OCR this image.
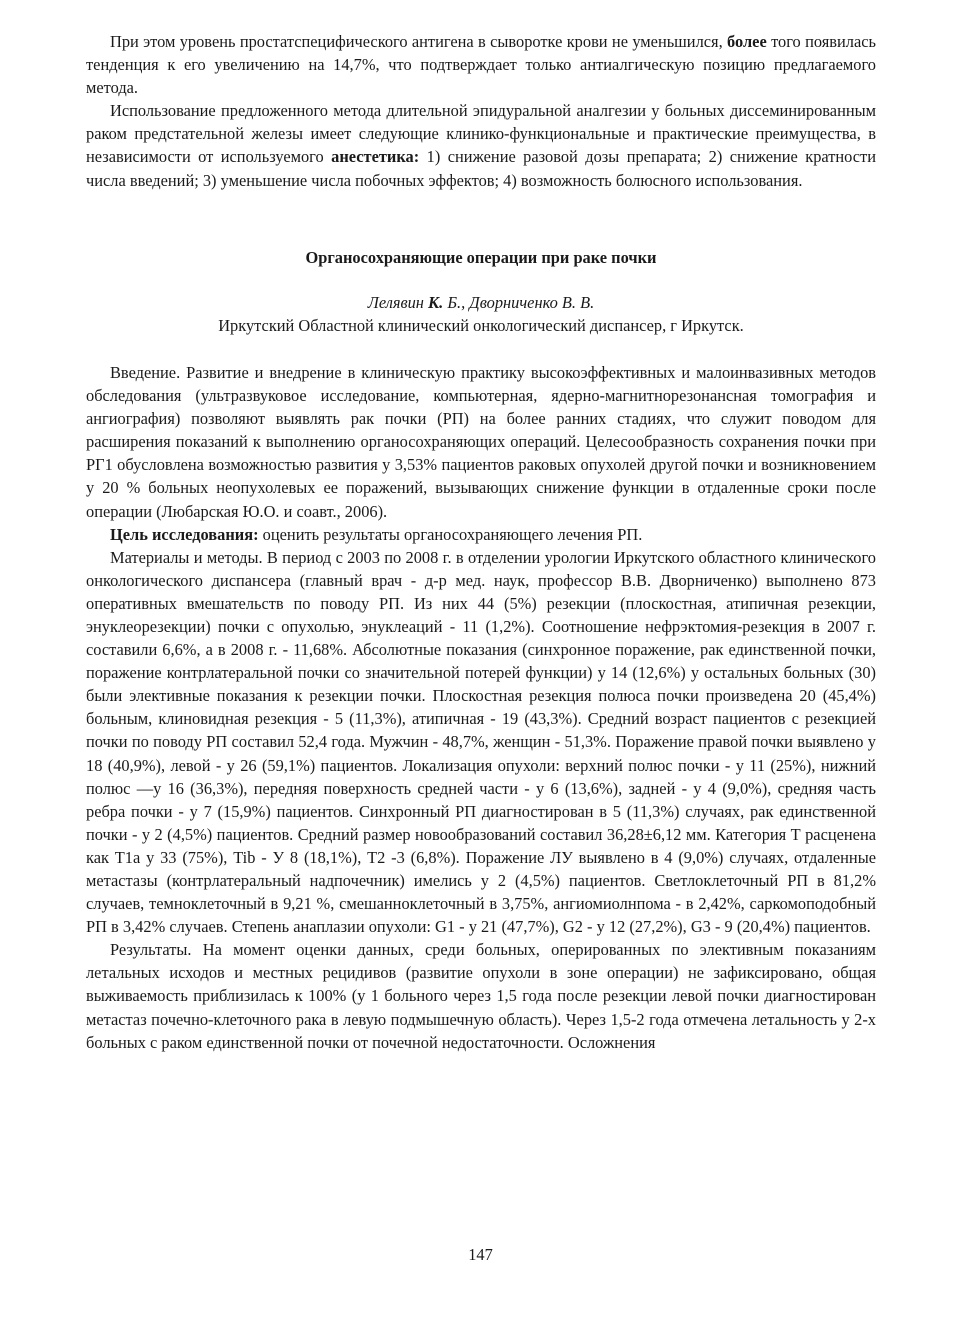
При этом уровень простатспецифического антигена в сыворотке крови не уменьшился, более того появилась тенденция к его увеличению на 14,7%, что подтверждает только антиалгическую позицию предлагаемого метода.

Использование предложенного метода длительной эпидуральной аналгезии у больных диссеминированным раком предстательной железы имеет следующие клинико-функциональные и практические преимущества, в независимости от используемого анестетика: 1) снижение разовой дозы препарата; 2) снижение кратности числа введений; 3) уменьшение числа побочных эффектов; 4) возможность болюсного использования.

Органосохраняющие операции при раке почки

Лелявин К. Б., Дворниченко В. В.

Иркутский Областной клинический онкологический диспансер, г Иркутск.

Введение. Развитие и внедрение в клиническую практику высокоэффективных и малоинвазивных методов обследования (ультразвуковое исследование, компьютерная, ядерно-магнитнорезонансная томография и ангиография) позволяют выявлять рак почки (РП) на более ранних стадиях, что служит поводом для расширения показаний к выполнению органосохраняющих операций. Целесообразность сохранения почки при РГ1 обусловлена возможностью развития у 3,53% пациентов раковых опухолей другой почки и возникновением у 20 % больных неопухолевых ее поражений, вызывающих снижение функции в отдаленные сроки после операции (Любарская Ю.О. и соавт., 2006).

Цель исследования: оценить результаты органосохраняющего лечения РП.

Материалы и методы. В период с 2003 по 2008 г. в отделении урологии Иркутского областного клинического онкологического диспансера (главный врач - д-р мед. наук, профессор В.В. Дворниченко) выполнено 873 оперативных вмешательств по поводу РП. Из них 44 (5%) резекции (плоскостная, атипичная резекции, энуклеорезекции) почки с опухолью, энуклеаций - 11 (1,2%). Соотношение нефрэктомия-резекция в 2007 г. составили 6,6%, а в 2008 г. - 11,68%. Абсолютные показания (синхронное поражение, рак единственной почки, поражение контрлатеральной почки со значительной потерей функции) у 14 (12,6%) у остальных больных (30) были элективные показания к резекции почки. Плоскостная резекция полюса почки произведена 20 (45,4%) больным, клиновидная резекция - 5 (11,3%), атипичная - 19 (43,3%). Средний возраст пациентов с резекцией почки по поводу РП составил 52,4 года. Мужчин - 48,7%, женщин - 51,3%. Поражение правой почки выявлено у 18 (40,9%), левой - у 26 (59,1%) пациентов. Локализация опухоли: верхний полюс почки - у 11 (25%), нижний полюс —у 16 (36,3%), передняя поверхность средней части - у 6 (13,6%), задней - у 4 (9,0%), средняя часть ребра почки - у 7 (15,9%) пациентов. Синхронный РП диагностирован в 5 (11,3%) случаях, рак единственной почки - у 2 (4,5%) пациентов. Средний размер новообразований составил 36,28±6,12 мм. Категория Т расценена как T1a у 33 (75%), Tib - У 8 (18,1%), Т2 -3 (6,8%). Поражение ЛУ выявлено в 4 (9,0%) случаях, отдаленные метастазы (контрлатеральный надпочечник) имелись у 2 (4,5%) пациентов. Светлоклеточный РП в 81,2% случаев, темноклеточный в 9,21 %, смешанноклеточный в 3,75%, ангиомиолнпома - в 2,42%, саркомоподобный РП в 3,42% случаев. Степень анаплазии опухоли: G1 - у 21 (47,7%), G2 - у 12 (27,2%), G3 - 9 (20,4%) пациентов.

Результаты. На момент оценки данных, среди больных, оперированных по элективным показаниям летальных исходов и местных рецидивов (развитие опухоли в зоне операции) не зафиксировано, общая выживаемость приблизилась к 100% (у 1 больного через 1,5 года после резекции левой почки диагностирован метастаз почечно-клеточного рака в левую подмышечную область). Через 1,5-2 года отмечена летальность у 2-х больных с раком единственной почки от почечной недостаточности. Осложнения

147
